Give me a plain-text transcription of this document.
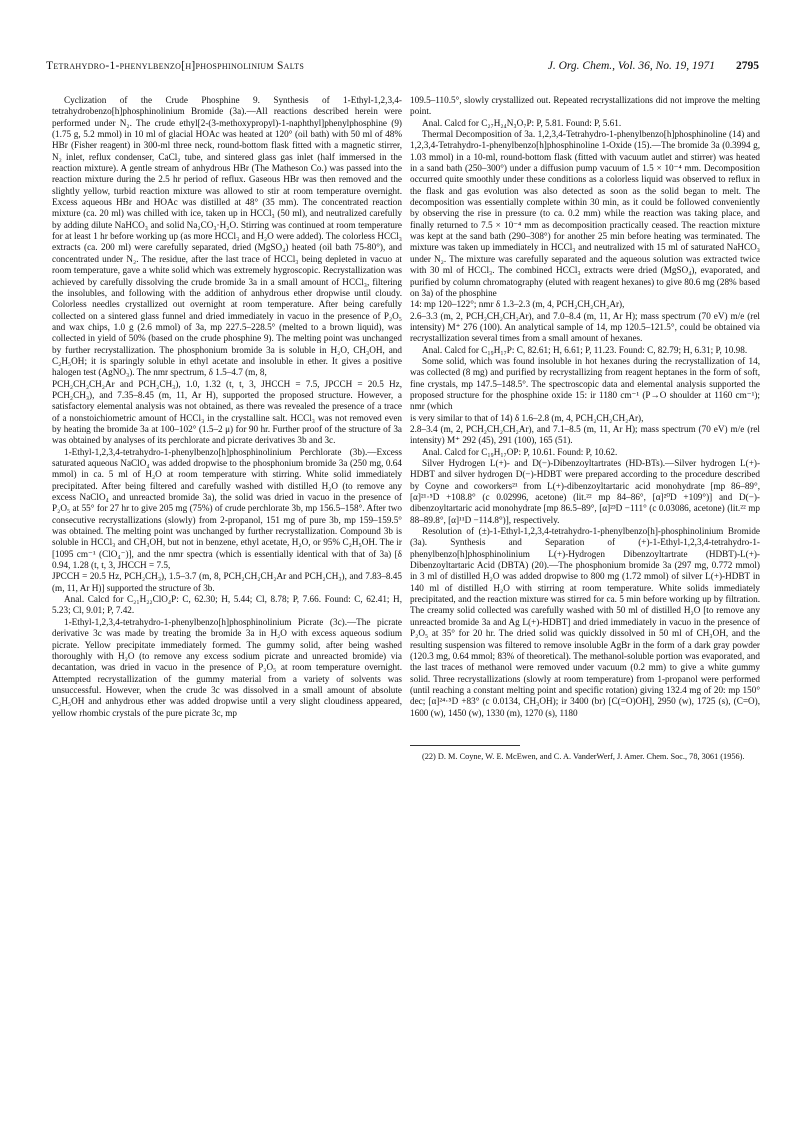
Tetrahydro-1-phenylbenzo[h]phosphinolinium Salts	J. Org. Chem., Vol. 36, No. 19, 1971 2795

Cyclization of the Crude Phosphine 9. Synthesis of 1-Ethyl-1,2,3,4-tetrahydrobenzo[h]phosphinolinium Bromide (3a).—All reactions described herein were performed under N₂. The crude ethyl[2-(3-methoxypropyl)-1-naphthyl]phenylphosphine (9) (1.75 g, 5.2 mmol) in 10 ml of glacial HOAc was heated at 120° (oil bath) with 50 ml of 48% HBr (Fisher reagent) in 300-ml three neck, round-bottom flask fitted with a magnetic stirrer, N₂ inlet, reflux condenser, CaCl₂ tube, and sintered glass gas inlet (half immersed in the reaction mixture). A gentle stream of anhydrous HBr (The Matheson Co.) was passed into the reaction mixture during the 2.5 hr period of reflux. Gaseous HBr was then removed and the slightly yellow, turbid reaction mixture was allowed to stir at room temperature overnight. Excess aqueous HBr and HOAc was distilled at 48° (35 mm). The concentrated reaction mixture (ca. 20 ml) was chilled with ice, taken up in HCCl₃ (50 ml), and neutralized carefully by adding dilute NaHCO₃ and solid Na₂CO₃·H₂O. Stirring was continued at room temperature for at least 1 hr before working up (as more HCCl₃ and H₂O were added). The colorless HCCl₃ extracts (ca. 200 ml) were carefully separated, dried (MgSO₄) heated (oil bath 75-80°), and concentrated under N₂. The residue, after the last trace of HCCl₃ being depleted in vacuo at room temperature, gave a white solid which was extremely hygroscopic. Recrystallization was achieved by carefully dissolving the crude bromide 3a in a small amount of HCCl₃, filtering the insolubles, and following with the addition of anhydrous ether dropwise until cloudy. Colorless needles crystallized out overnight at room temperature. After being carefully collected on a sintered glass funnel and dried immediately in vacuo in the presence of P₂O₅ and wax chips, 1.0 g (2.6 mmol) of 3a, mp 227.5–228.5° (melted to a brown liquid), was collected in yield of 50% (based on the crude phosphine 9). The melting point was unchanged by further recrystallization. The phosphonium bromide 3a is soluble in H₂O, CH₃OH, and C₂H₅OH; it is sparingly soluble in ethyl acetate and insoluble in ether. It gives a positive halogen test (AgNO₃). The nmr spectrum, δ 1.5–4.7 (m, 8,

PCH₂CH₂CH₂Ar and PCH₂CH₃), 1.0, 1.32 (t, t, 3, JHCCH = 7.5, JPCCH = 20.5 Hz, PCH₂CH₃), and 7.35–8.45 (m, 11, Ar H), supported the proposed structure. However, a satisfactory elemental analysis was not obtained, as there was revealed the presence of a trace of a nonstoichiometric amount of HCCl₃ in the crystalline salt. HCCl₃ was not removed even by heating the bromide 3a at 100–102° (1.5–2 μ) for 90 hr. Further proof of the structure of 3a was obtained by analyses of its perchlorate and picrate derivatives 3b and 3c.

1-Ethyl-1,2,3,4-tetrahydro-1-phenylbenzo[h]phosphinolinium Perchlorate (3b).—Excess saturated aqueous NaClO₄ was added dropwise to the phosphonium bromide 3a (250 mg, 0.64 mmol) in ca. 5 ml of H₂O at room temperature with stirring. White solid immediately precipitated. After being filtered and carefully washed with distilled H₂O (to remove any excess NaClO₄ and unreacted bromide 3a), the solid was dried in vacuo in the presence of P₂O₅ at 55° for 27 hr to give 205 mg (75%) of crude perchlorate 3b, mp 156.5–158°. After two consecutive recrystallizations (slowly) from 2-propanol, 151 mg of pure 3b, mp 159–159.5° was obtained. The melting point was unchanged by further recrystallization. Compound 3b is soluble in HCCl₃ and CH₃OH, but not in benzene, ethyl acetate, H₂O, or 95% C₂H₅OH. The ir [1095 cm⁻¹ (ClO₄⁻)], and the nmr spectra (which is essentially identical with that of 3a) [δ 0.94, 1.28 (t, t, 3, JHCCH = 7.5,

JPCCH = 20.5 Hz, PCH₂CH₃), 1.5–3.7 (m, 8, PCH₂CH₂CH₂Ar and PCH₂CH₃), and 7.83–8.45 (m, 11, Ar H)] supported the structure of 3b.

Anal. Calcd for C₂₁H₂₂ClO₄P: C, 62.30; H, 5.44; Cl, 8.78; P, 7.66. Found: C, 62.41; H, 5.23; Cl, 9.01; P, 7.42.

1-Ethyl-1,2,3,4-tetrahydro-1-phenylbenzo[h]phosphinolinium Picrate (3c).—The picrate derivative 3c was made by treating the bromide 3a in H₂O with excess aqueous sodium picrate. Yellow precipitate immediately formed. The gummy solid, after being washed thoroughly with H₂O (to remove any excess sodium picrate and unreacted bromide) via decantation, was dried in vacuo in the presence of P₂O₅ at room temperature overnight. Attempted recrystallization of the gummy material from a variety of solvents was unsuccessful. However, when the crude 3c was dissolved in a small amount of absolute C₂H₅OH and anhydrous ether was added dropwise until a very slight cloudiness appeared, yellow rhombic crystals of the pure picrate 3c, mp

109.5–110.5°, slowly crystallized out. Repeated recrystallizations did not improve the melting point.

Anal. Calcd for C₂₇H₂₄N₃O₇P: P, 5.81. Found: P, 5.61.

Thermal Decomposition of 3a. 1,2,3,4-Tetrahydro-1-phenylbenzo[h]phosphinoline (14) and 1,2,3,4-Tetrahydro-1-phenylbenzo[h]phosphinoline 1-Oxide (15).—The bromide 3a (0.3994 g, 1.03 mmol) in a 10-ml, round-bottom flask (fitted with vacuum autlet and stirrer) was heated in a sand bath (250–300°) under a diffusion pump vacuum of 1.5 × 10⁻⁴ mm. Decomposition occurred quite smoothly under these conditions as a colorless liquid was observed to reflux in the flask and gas evolution was also detected as soon as the solid began to melt. The decomposition was essentially complete within 30 min, as it could be followed conveniently by observing the rise in pressure (to ca. 0.2 mm) while the reaction was taking place, and finally returned to 7.5 × 10⁻⁴ mm as decomposition practically ceased. The reaction mixture was kept at the sand bath (290–308°) for another 25 min before heating was terminated. The mixture was taken up immediately in HCCl₃ and neutralized with 15 ml of saturated NaHCO₃ under N₂. The mixture was carefully separated and the aqueous solution was extracted twice with 30 ml of HCCl₃. The combined HCCl₃ extracts were dried (MgSO₄), evaporated, and purified by column chromatography (eluted with reagent hexanes) to give 80.6 mg (28% based on 3a) of the phosphine

14: mp 120–122°; nmr δ 1.3–2.3 (m, 4, PCH₂CH₂CH₂Ar),

2.6–3.3 (m, 2, PCH₂CH₂CH₂Ar), and 7.0–8.4 (m, 11, Ar H); mass spectrum (70 eV) m/e (rel intensity) M⁺ 276 (100). An analytical sample of 14, mp 120.5–121.5°, could be obtained via recrystallization several times from a small amount of hexanes.

Anal. Calcd for C₁₉H₁₇P: C, 82.61; H, 6.61; P, 11.23. Found: C, 82.79; H, 6.31; P, 10.98.

Some solid, which was found insoluble in hot hexanes during the recrystallization of 14, was collected (8 mg) and purified by recrystallizing from reagent heptanes in the form of soft, fine crystals, mp 147.5–148.5°. The spectroscopic data and elemental analysis supported the proposed structure for the phosphine oxide 15: ir 1180 cm⁻¹ (P→O shoulder at 1160 cm⁻¹); nmr (which

is very similar to that of 14) δ 1.6–2.8 (m, 4, PCH₂CH₂CH₂Ar),

2.8–3.4 (m, 2, PCH₂CH₂CH₂Ar), and 7.1–8.5 (m, 11, Ar H); mass spectrum (70 eV) m/e (rel intensity) M⁺ 292 (45), 291 (100), 165 (51).

Anal. Calcd for C₁₉H₁₇OP: P, 10.61. Found: P, 10.62.

Silver Hydrogen L(+)- and D(−)-Dibenzoyltartrates (HD-BTs).—Silver hydrogen L(+)-HDBT and silver hydrogen D(−)-HDBT were prepared according to the procedure described by Coyne and coworkers²¹ from L(+)-dibenzoyltartaric acid monohydrate [mp 86–89°, [α]²¹·⁵D +108.8° (c 0.02996, acetone) (lit.²² mp 84–86°, [α]²⁰D +109°)] and D(−)-dibenzoyltartaric acid monohydrate [mp 86.5–89°, [α]²³D −111° (c 0.03086, acetone) (lit.²² mp 88–89.8°, [α]¹¹D −114.8°)], respectively.

Resolution of (±)-1-Ethyl-1,2,3,4-tetrahydro-1-phenylbenzo[h]-phosphinolinium Bromide (3a). Synthesis and Separation of (+)-1-Ethyl-1,2,3,4-tetrahydro-1-phenylbenzo[h]phosphinolinium L(+)-Hydrogen Dibenzoyltartrate (HDBT)-L(+)-Dibenzoyltartaric Acid (DBTA) (20).—The phosphonium bromide 3a (297 mg, 0.772 mmol) in 3 ml of distilled H₂O was added dropwise to 800 mg (1.72 mmol) of silver L(+)-HDBT in 140 ml of distilled H₂O with stirring at room temperature. White solids immediately precipitated, and the reaction mixture was stirred for ca. 5 min before working up by filtration. The creamy solid collected was carefully washed with 50 ml of distilled H₂O [to remove any unreacted bromide 3a and Ag L(+)-HDBT] and dried immediately in vacuo in the presence of P₂O₅ at 35° for 20 hr. The dried solid was quickly dissolved in 50 ml of CH₃OH, and the resulting suspension was filtered to remove insoluble AgBr in the form of a dark gray powder (120.3 mg, 0.64 mmol; 83% of theoretical). The methanol-soluble portion was evaporated, and the last traces of methanol were removed under vacuum (0.2 mm) to give a white gummy solid. Three recrystallizations (slowly at room temperature) from 1-propanol were performed (until reaching a constant melting point and specific rotation) giving 132.4 mg of 20: mp 150° dec; [α]²⁴·⁵D +83° (c 0.0134, CH₃OH); ir 3400 (br) [C(=O)OH], 2950 (w), 1725 (s), (C=O), 1600 (w), 1450 (w), 1330 (m), 1270 (s), 1180

(22) D. M. Coyne, W. E. McEwen, and C. A. VanderWerf, J. Amer. Chem. Soc., 78, 3061 (1956).
